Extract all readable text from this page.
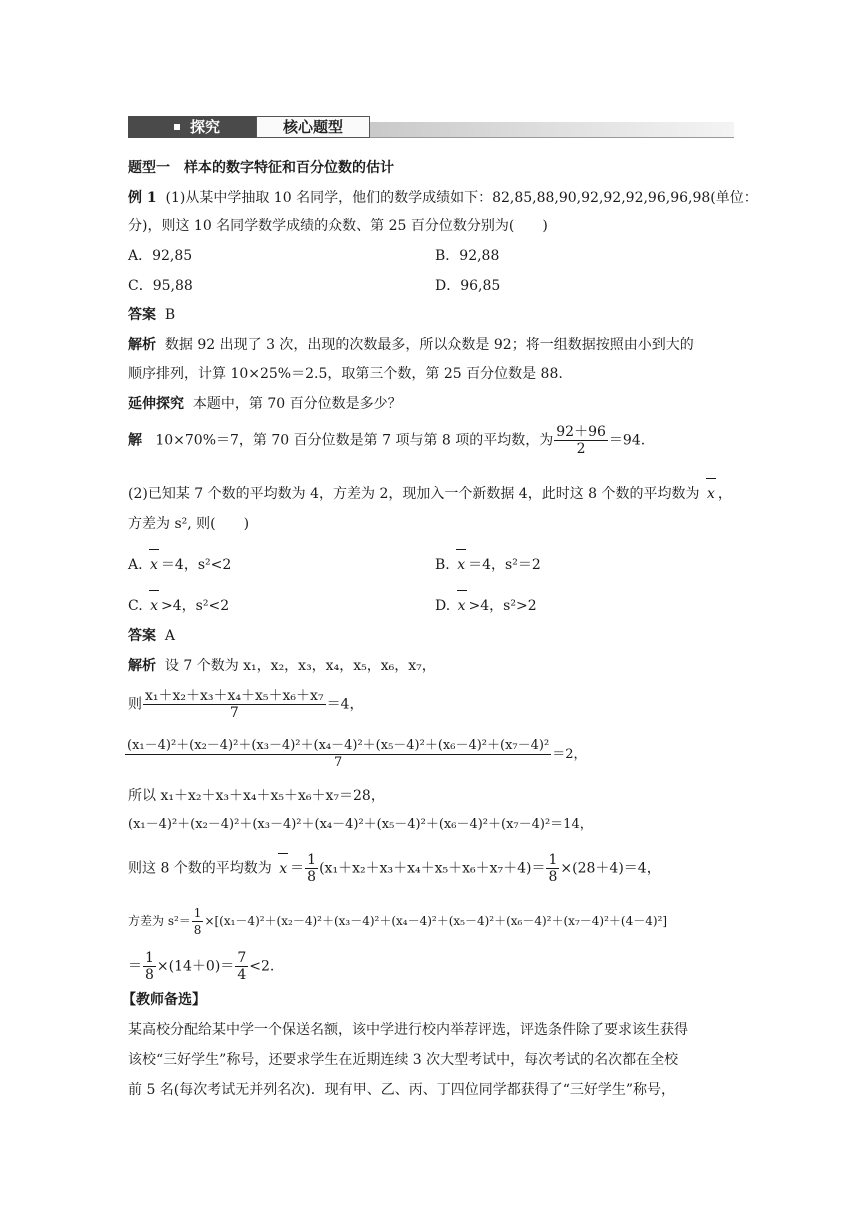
探究	核心题型
题型一　样本的数字特征和百分位数的估计
例 1 (1)从某中学抽取 10 名同学，他们的数学成绩如下：82,85,88,90,92,92,92,96,96,98(单位：
分)，则这 10 名同学数学成绩的众数、第 25 百分位数分别为(　　)
A．92,85	B．92,88
C．95,88	D．96,85
答案 B
解析 数据 92 出现了 3 次，出现的次数最多，所以众数是 92；将一组数据按照由小到大的
顺序排列，计算 10×25%＝2.5，取第三个数，第 25 百分位数是 88.
延伸探究 本题中，第 70 百分位数是多少？
解 10×70%＝7，第 70 百分位数是第 7 项与第 8 项的平均数，为 $\frac{92+96}{2} =94$.
(2)已知某 7 个数的平均数为 4，方差为 2，现加入一个新数据 4，此时这 8 个数的平均数为 x ，
方差为 s², 则(　　)
A. x ＝4，s²<2	B. x ＝4，s²＝2
C. x >4，s²<2	D. x >4，s²>2
答案 A
解析 设 7 个数为 x₁，x₂，x₃，x₄，x₅，x₆，x₇，
则 $\frac{\text{x₁＋x₂＋x₃＋x₄＋x₅＋x₆＋x₇}}{7} =4$，
$\frac{\text{(x₁－4)²＋(x₂－4)²＋(x₃－4)²＋(x₄－4)²＋(x₅－4)²＋(x₆－4)²＋(x₇－4)²}}{7} =2$，
所以 x₁＋x₂＋x₃＋x₄＋x₅＋x₆＋x₇＝28，
(x₁－4)²＋(x₂－4)²＋(x₃－4)²＋(x₄－4)²＋(x₅－4)²＋(x₆－4)²＋(x₇－4)²＝14，
则这 8 个数的平均数为 $x = \frac{1}{8} (x_1+x_2+x_3+x_4+x_5+x_6+x_7+4)= \frac{1}{8} \times(28+4)=4$，
方差为 $s^2= \frac{1}{8} \times[(x_1-4)^2+(x_2-4)^2+(x_3-4)^2+(x_4-4)^2+(x_5-4)^2+(x_6-4)^2+(x_7-4)^2+(4-4)^2]$
＝ $\frac{1}{8} \times(14+0)= \frac{7}{4} <2$.
【教师备选】
某高校分配给某中学一个保送名额，该中学进行校内举荐评选，评选条件除了要求该生获得
该校“三好学生”称号，还要求学生在近期连续 3 次大型考试中，每次考试的名次都在全校
前 5 名(每次考试无并列名次)．现有甲、乙、丙、丁四位同学都获得了“三好学生”称号，
